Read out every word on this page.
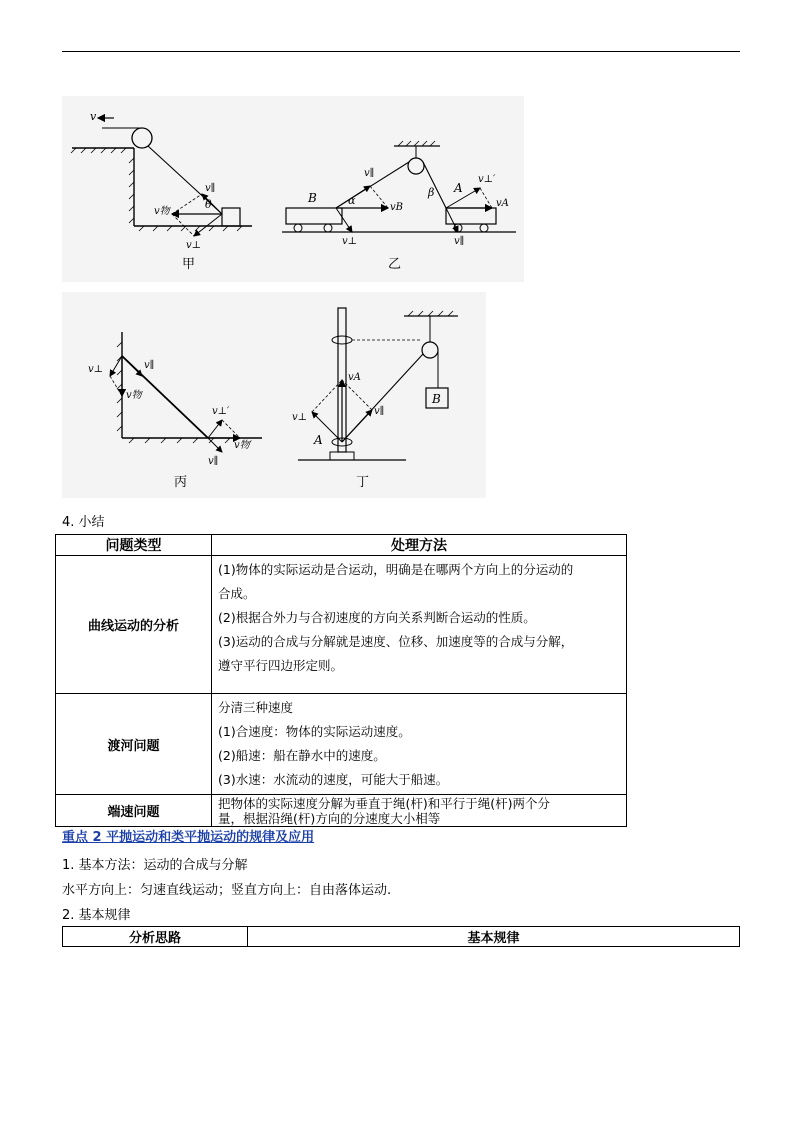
v
v∥
v物
v⊥
θ
甲
B
A
v∥
vB
v⊥
α
β
v⊥′
vA
v∥
乙
v⊥	v∥
v物
v⊥′
v物′
v∥
丙
B
vA
v⊥
v∥
A
丁
4. 小结
问题类型	处理方法
曲线运动的分析	(1)物体的实际运动是合运动，明确是在哪两个方向上的分运动的
合成。
(2)根据合外力与合初速度的方向关系判断合运动的性质。
(3)运动的合成与分解就是速度、位移、加速度等的合成与分解，
遵守平行四边形定则。

渡河问题	分清三种速度
(1)合速度：物体的实际运动速度。
(2)船速：船在静水中的速度。
(3)水速：水流动的速度，可能大于船速。

端速问题	把物体的实际速度分解为垂直于绳(杆)和平行于绳(杆)两个分
量，根据沿绳(杆)方向的分速度大小相等
重点 2 平抛运动和类平抛运动的规律及应用
1. 基本方法：运动的合成与分解
水平方向上：匀速直线运动；竖直方向上：自由落体运动.
2. 基本规律
分析思路	基本规律
